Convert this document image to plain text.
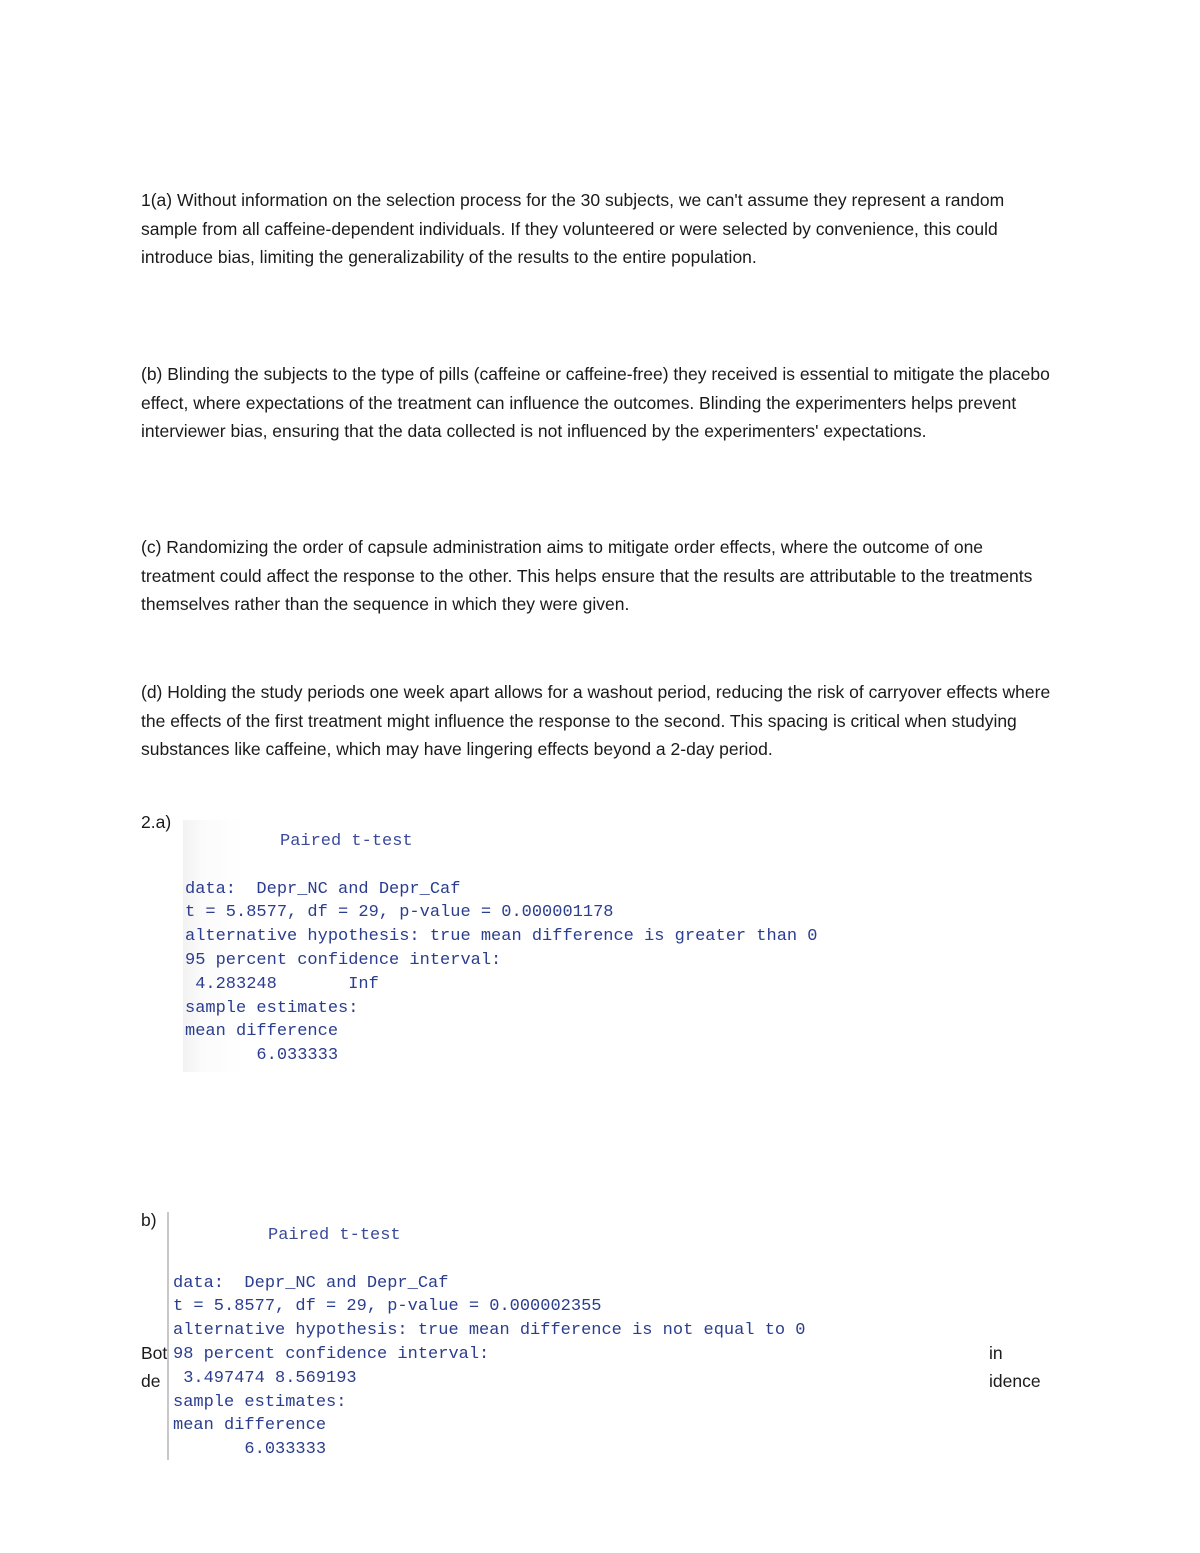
1(a) Without information on the selection process for the 30 subjects, we can't assume they represent a random sample from all caffeine-dependent individuals. If they volunteered or were selected by convenience, this could introduce bias, limiting the generalizability of the results to the entire population.

(b) Blinding the subjects to the type of pills (caffeine or caffeine-free) they received is essential to mitigate the placebo effect, where expectations of the treatment can influence the outcomes. Blinding the experimenters helps prevent interviewer bias, ensuring that the data collected is not influenced by the experimenters' expectations.

(c) Randomizing the order of capsule administration aims to mitigate order effects, where the outcome of one treatment could affect the response to the other. This helps ensure that the results are attributable to the treatments themselves rather than the sequence in which they were given.

(d) Holding the study periods one week apart allows for a washout period, reducing the risk of carryover effects where the effects of the first treatment might influence the response to the second. This spacing is critical when studying substances like caffeine, which may have lingering effects beyond a 2-day period.

2.a)
Paired t-test
data:  Depr_NC and Depr_Caf
t = 5.8577, df = 29, p-value = 0.000001178
alternative hypothesis: true mean difference is greater than 0
95 percent confidence interval:
4.283248       Inf
sample estimates:
mean difference
6.033333
b)
Bot
de
in
idence
Paired t-test
data:  Depr_NC and Depr_Caf
t = 5.8577, df = 29, p-value = 0.000002355
alternative hypothesis: true mean difference is not equal to 0
98 percent confidence interval:
3.497474 8.569193
sample estimates:
mean difference
6.033333
